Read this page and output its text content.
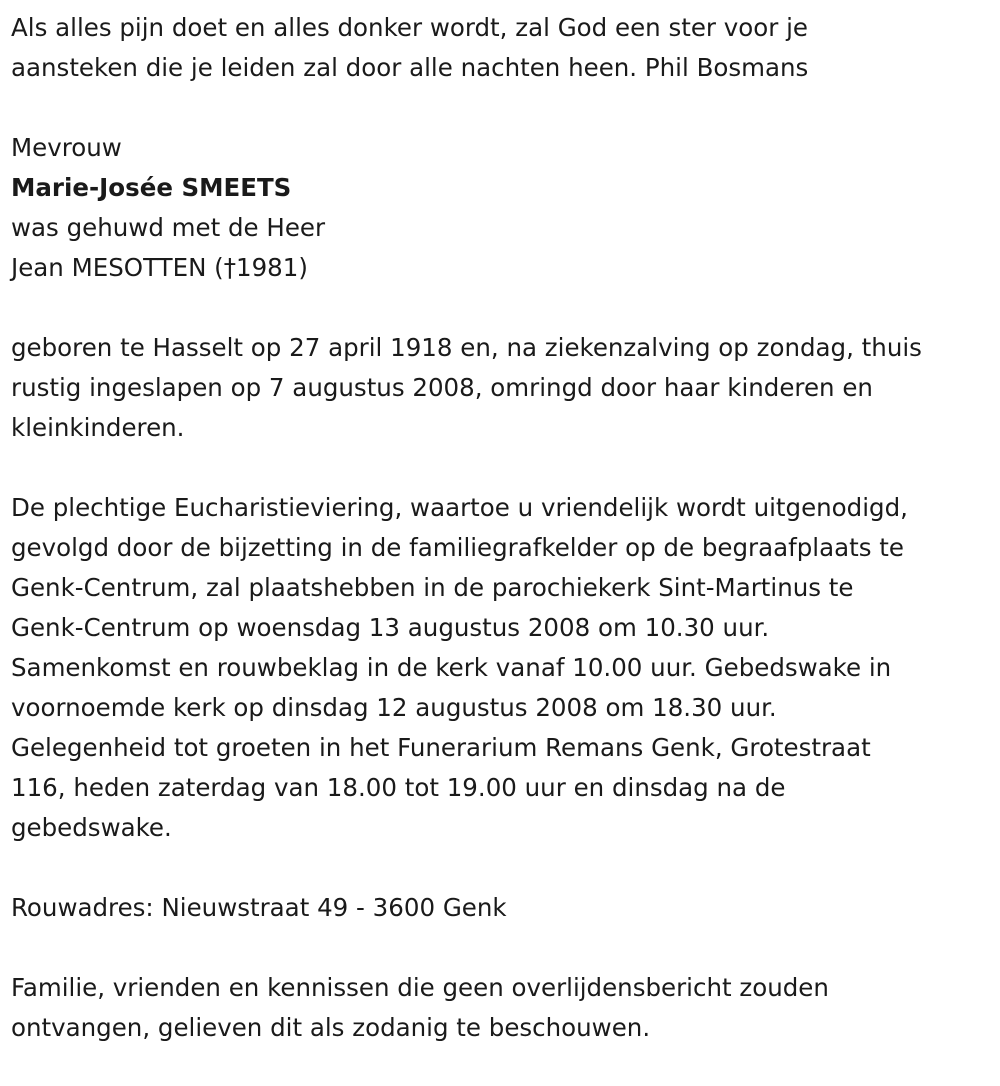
Als alles pijn doet en alles donker wordt, zal God een ster voor je

aansteken die je leiden zal door alle nachten heen. Phil Bosmans

Mevrouw

Marie-Josée SMEETS

was gehuwd met de Heer

Jean MESOTTEN (†1981)

geboren te Hasselt op 27 april 1918 en, na ziekenzalving op zondag, thuis

rustig ingeslapen op 7 augustus 2008, omringd door haar kinderen en

kleinkinderen.

De plechtige Eucharistieviering, waartoe u vriendelijk wordt uitgenodigd,

gevolgd door de bijzetting in de familiegrafkelder op de begraafplaats te

Genk-Centrum, zal plaatshebben in de parochiekerk Sint-Martinus te

Genk-Centrum op woensdag 13 augustus 2008 om 10.30 uur.

Samenkomst en rouwbeklag in de kerk vanaf 10.00 uur. Gebedswake in

voornoemde kerk op dinsdag 12 augustus 2008 om 18.30 uur.

Gelegenheid tot groeten in het Funerarium Remans Genk, Grotestraat

116, heden zaterdag van 18.00 tot 19.00 uur en dinsdag na de

gebedswake.

Rouwadres: Nieuwstraat 49 - 3600 Genk

Familie, vrienden en kennissen die geen overlijdensbericht zouden

ontvangen, gelieven dit als zodanig te beschouwen.
